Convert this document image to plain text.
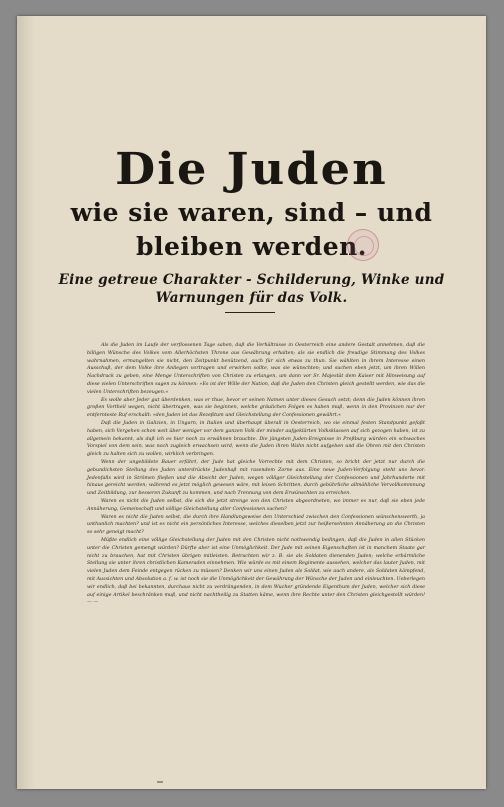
Die Juden
wie sie waren, sind – und
bleiben werden.
Eine getreue Charakter - Schilderung, Winke und
Warnungen für das Volk.

Als die Juden im Laufe der verflossenen Tage sahen, daß die Verhältnisse in Oesterreich eine andere Gestalt annehmen, daß die billigen Wünsche des Volkes vom Allerhöchsten Throne aus Gewährung erhalten; als sie endlich die freudige Stimmung des Volkes wahrnahmen, ermangelten sie nicht, den Zeitpunkt benützend, auch für sich etwas zu thun. Sie wählten in ihrem Interesse einen Ausschuß, der dem Volke ihre Anliegen vortragen und erwirken sollte, was sie wünschten; und suchen eben jetzt, um ihren Willen Nachdruck zu geben, eine Menge Unterschriften von Christen zu erlangen, um dann vor Sr. Majestät dem Kaiser mit Hinweisung auf diese vielen Unterschriften sagen zu können: »Es ist der Wille der Nation, daß die Juden den Christen gleich gestellt werden, wie das die vielen Unterschriften bezeugen.«

Es wolle aber Jeder gut überdenken, was er thue, bevor er seinen Namen unter dieses Gesuch setzt; denn die Juden können ihren großen Vortheil wegen, nicht übertragen, was sie beginnen, welche gräulichen Folgen es haben muß, wenn in den Provinzen nur der entfernteste Ruf erschallt: »den Juden ist das Rezeßtum und Gleichstellung der Confessionen gewährt.«

Daß die Juden in Galizien, in Ungarn, in Italien und überhaupt überall in Oesterreich, wo sie einmal festen Standpunkt gefaßt haben, sich Vergehen schon weit über weniger vor dem ganzen Volk der minder aufgeklärten Volksklassen auf sich gezogen haben, ist zu allgemein bekannt, als daß ich es hier noch zu erwähnen brauchte. Die jüngsten Juden-Ereignisse in Preßburg würden ein schwaches Vorspiel von dem sein, was noch zugleich erwachsen wird, wenn die Juden ihren Wahn nicht aufgeben und die Ohren mit den Christen gleich zu halten sich zu wollen, wirklich verbringen.

Wenn der ungebildete Bauer erfährt, der Jude hat gleiche Vorrechte mit dem Christen, so bricht der jetzt nur durch die gebundichsten Stellung des Juden unterdrückte Judenhaß mit rasendem Zorne aus. Eine neue Juden-Verfolgung steht uns bevor. Jedenfalls wird in Strömen fließen und die Absicht der Juden, wegen völliger Gleichstellung der Confessionen und Jahrhunderte mit hinaus gereicht werden; während es jetzt möglich gewesen wäre, mit leisen Schritten, durch gebührliche allmähliche Vervollkommnung und Zeitbildung, zur besseren Zukunft zu kommen, und nach Trennung von dem Erwünschten zu erreichen.

Waren es nicht die Juden selbst, die sich die jetzt strenge von den Christen abgeordneten, wo immer es nur, daß sie eben jede Annäherung, Gemeinschaft und völlige Gleichstellung aller Confessionen suchen?

Waren es nicht die Juden selbst, die durch ihre Handlungsweise den Unterschied zwischen den Confessionen wünschenswerth, ja unthunlich machten? und ist es nicht ein persönliches Interesse, welches dieselben jetzt zur heißersehnten Annäherung an die Christen so sehr geneigt macht?

Müßte endlich eine völlige Gleichstellung der Juden mit den Christen nicht nothwendig bedingen, daß die Juden in allen Stücken unter die Christen gemengt würden? Dürfte aber ist eine Unmöglichkeit. Der Jude mit seinen Eigenschaften ist in manchem Staate gar nicht zu brauchen, hat mit Christen übrigen mitleisten. Betrachten wir z. B. sie als Soldaten dienenden Juden; welche erbärmliche Stellung sie unter ihren christlichen Kameraden einnehmen. Wie würde es mit einem Regimente aussehen, welcher das lauter Juden, mit vielen Juden dem Feinde entgegen rücken zu müssen? Denken wir uns einen Juden als Soldat, wie auch andere, als Soldaten kämpfend, mit Aussichten und Absolution a. f. w. ist noch sie die Unmöglichkeit der Gewährung der Wünsche der Juden und einleuchten. Ueberlegen wir endlich, daß bei bekannten, durchaus nicht zu verdrängenden, in dem Wucher gründende Eigenthum der Juden, welcher sich diese auf einige Artikel beschränken muß, und nicht nachtheilig zu Statten käme, wenn ihre Rechte unter den Christen gleichgestellt würden! — —
